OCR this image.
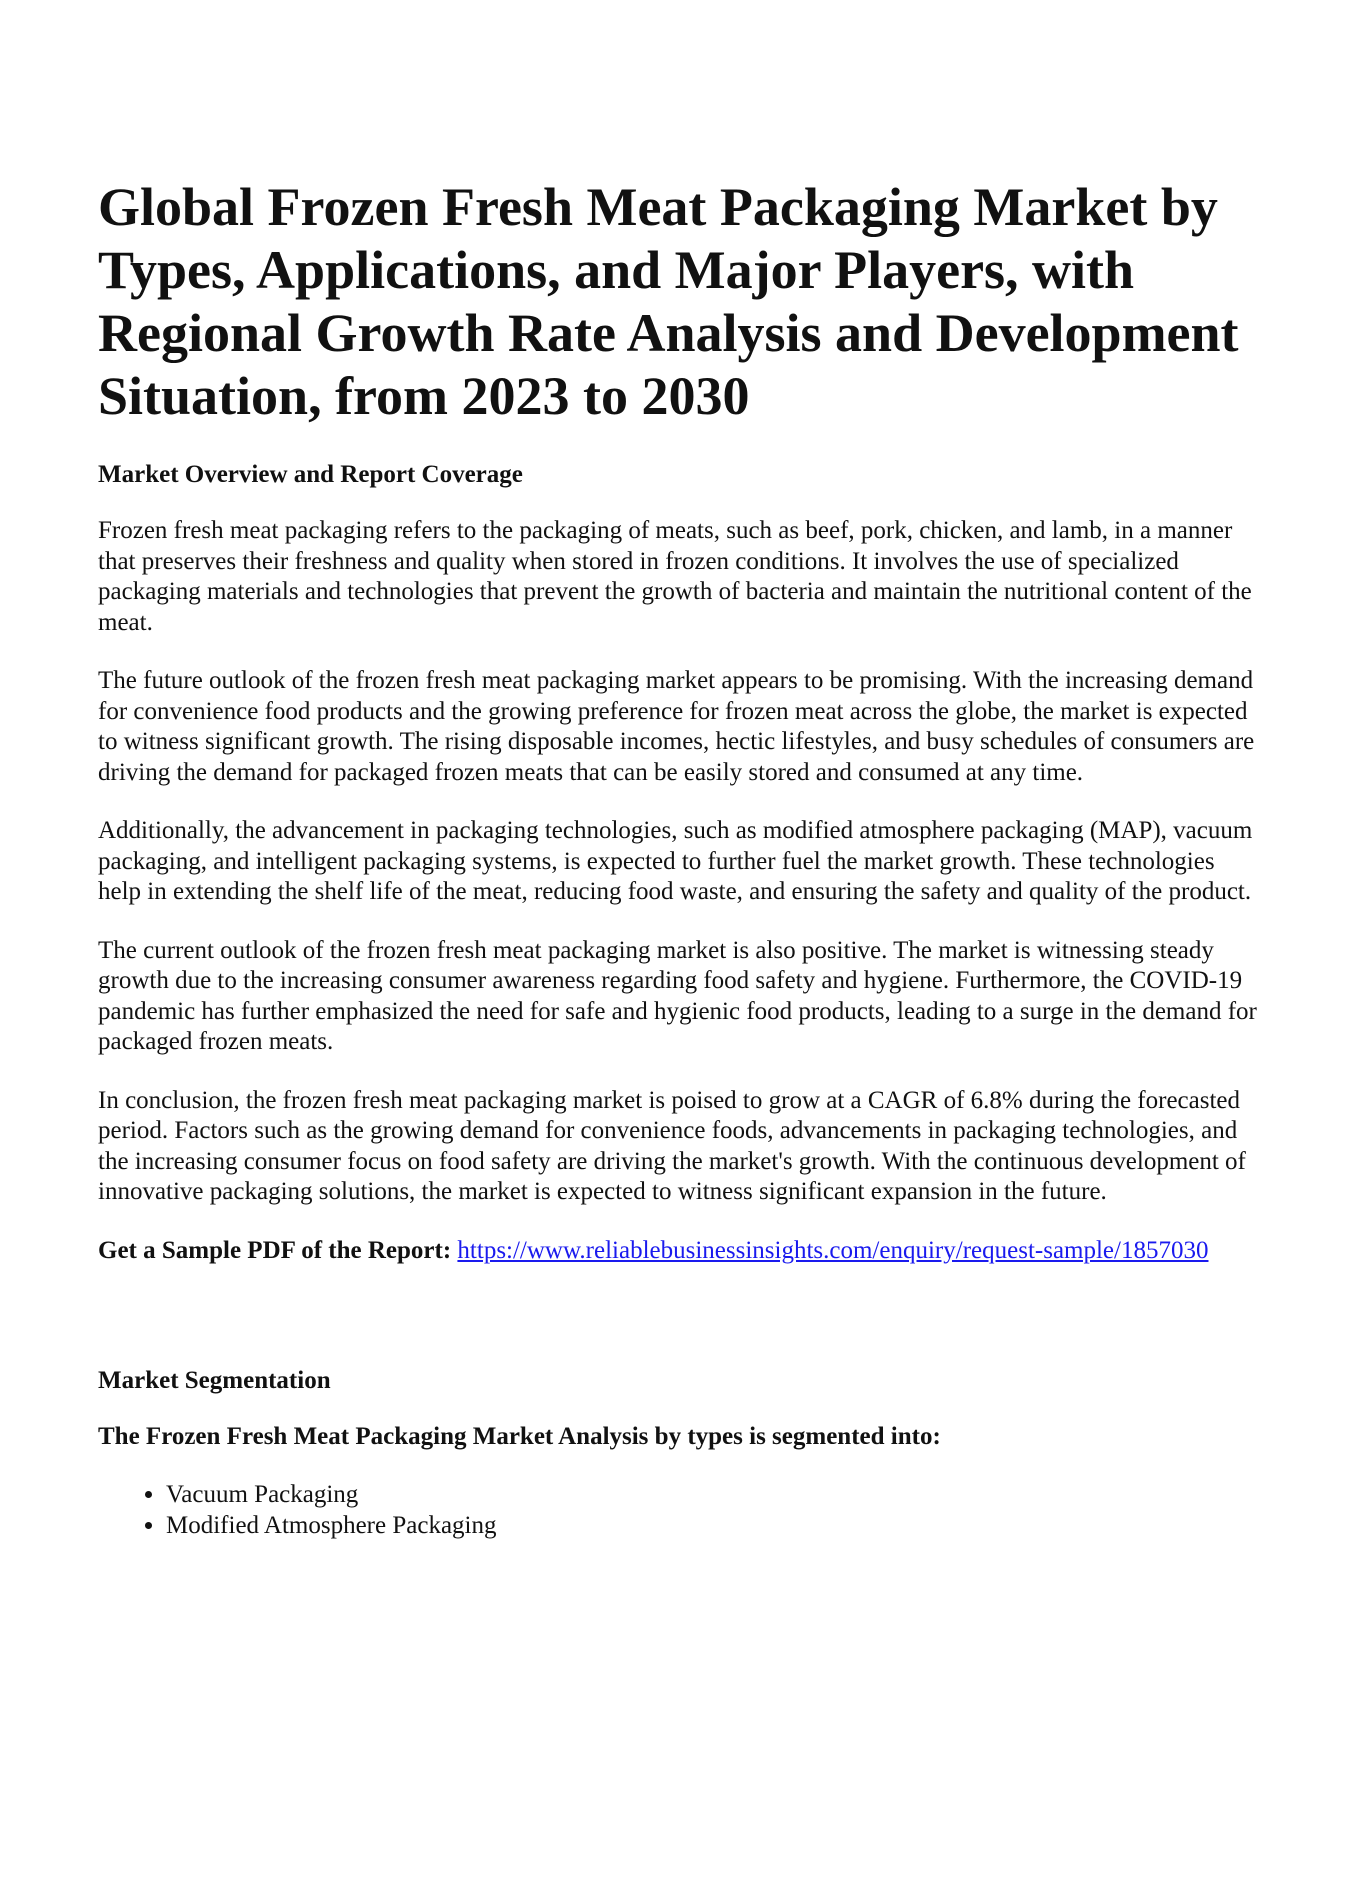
Global Frozen Fresh Meat Packaging Market by Types, Applications, and Major Players, with Regional Growth Rate Analysis and Development Situation, from 2023 to 2030
Market Overview and Report Coverage

Frozen fresh meat packaging refers to the packaging of meats, such as beef, pork, chicken, and lamb, in a manner that preserves their freshness and quality when stored in frozen conditions. It involves the use of specialized packaging materials and technologies that prevent the growth of bacteria and maintain the nutritional content of the meat.

The future outlook of the frozen fresh meat packaging market appears to be promising. With the increasing demand for convenience food products and the growing preference for frozen meat across the globe, the market is expected to witness significant growth. The rising disposable incomes, hectic lifestyles, and busy schedules of consumers are driving the demand for packaged frozen meats that can be easily stored and consumed at any time.

Additionally, the advancement in packaging technologies, such as modified atmosphere packaging (MAP), vacuum packaging, and intelligent packaging systems, is expected to further fuel the market growth. These technologies help in extending the shelf life of the meat, reducing food waste, and ensuring the safety and quality of the product.

The current outlook of the frozen fresh meat packaging market is also positive. The market is witnessing steady growth due to the increasing consumer awareness regarding food safety and hygiene. Furthermore, the COVID-19 pandemic has further emphasized the need for safe and hygienic food products, leading to a surge in the demand for packaged frozen meats.

In conclusion, the frozen fresh meat packaging market is poised to grow at a CAGR of 6.8% during the forecasted period. Factors such as the growing demand for convenience foods, advancements in packaging technologies, and the increasing consumer focus on food safety are driving the market's growth. With the continuous development of innovative packaging solutions, the market is expected to witness significant expansion in the future.

Get a Sample PDF of the Report: https://www.reliablebusinessinsights.com/enquiry/request-sample/1857030
Market Segmentation
The Frozen Fresh Meat Packaging Market Analysis by types is segmented into:
• Vacuum Packaging
• Modified Atmosphere Packaging
